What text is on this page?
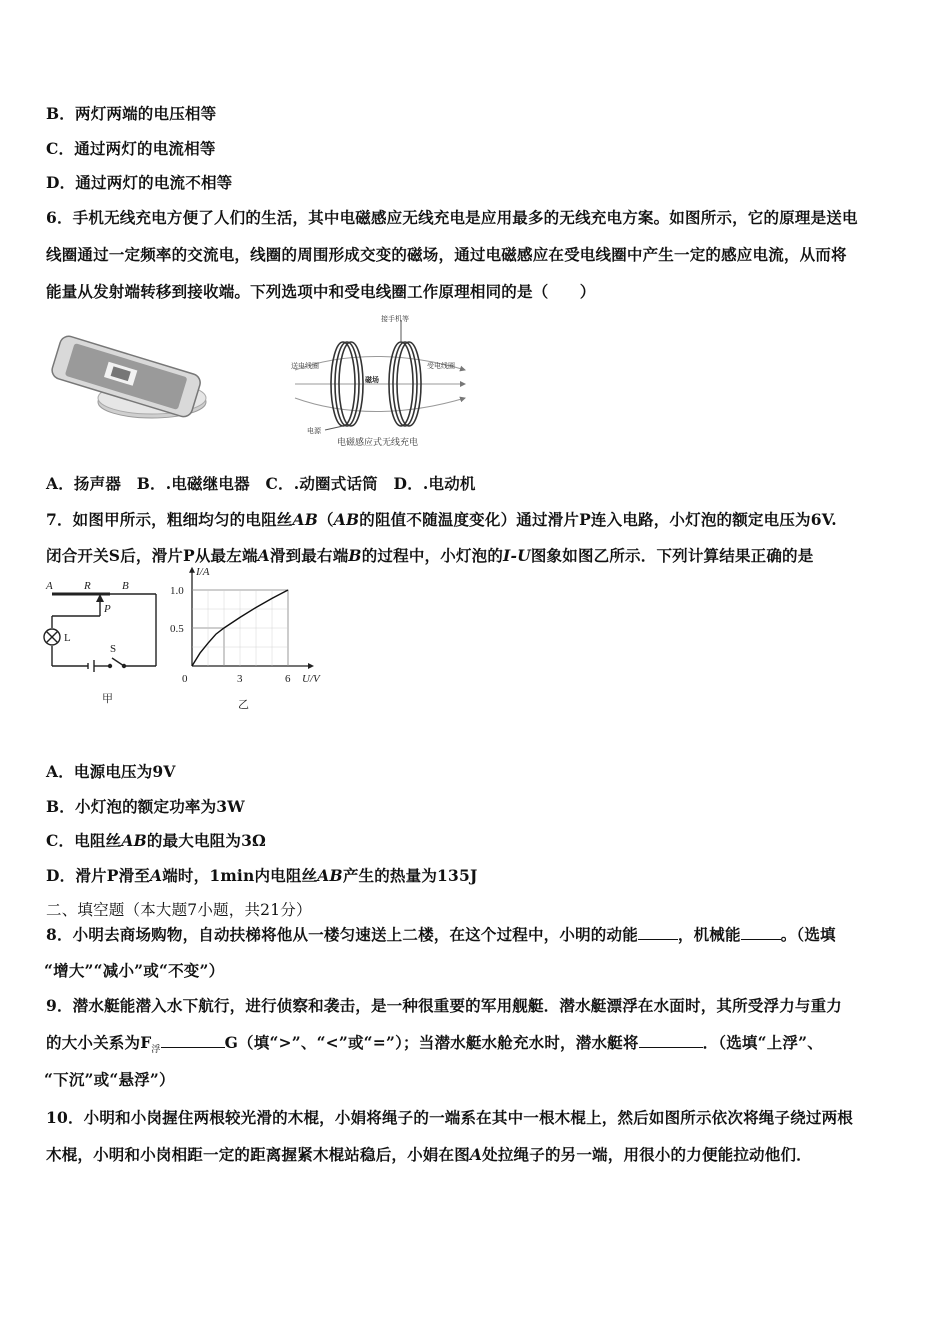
B．两灯两端的电压相等
C．通过两灯的电流相等
D．通过两灯的电流不相等
6．手机无线充电方便了人们的生活，其中电磁感应无线充电是应用最多的无线充电方案。如图所示，它的原理是送电
线圈通过一定频率的交流电，线圈的周围形成交变的磁场，通过电磁感应在受电线圈中产生一定的感应电流，从而将
能量从发射端转移到接收端。下列选项中和受电线圈工作原理相同的是（　　）
接手机等
送电线圈
磁场
受电线圈
电源
电磁感应式无线充电
A．扬声器　B．.电磁继电器　C．.动圈式话筒　D．.电动机
7．如图甲所示，粗细均匀的电阻丝AB（AB的阻值不随温度变化）通过滑片P连入电路，小灯泡的额定电压为6V.
闭合开关S后，滑片P从最左端A滑到最右端B的过程中，小灯泡的I-U图象如图乙所示．下列计算结果正确的是
A	R	B
P
L
S
甲
1.0
0.5
3	6
0
I/A
U/V
乙
A．电源电压为9V
B．小灯泡的额定功率为3W
C．电阻丝AB的最大电阻为3Ω
D．滑片P滑至A端时，1min内电阻丝AB产生的热量为135J
二、填空题（本大题7小题，共21分）
8．小明去商场购物，自动扶梯将他从一楼匀速送上二楼，在这个过程中，小明的动能	，机械能	。（选填
“增大”“减小”或“不变”）
9．潜水艇能潜入水下航行，进行侦察和袭击，是一种很重要的军用舰艇．潜水艇漂浮在水面时，其所受浮力与重力
的大小关系为$F_浮$	G（填“>”、“<”或“=”）；当潜水艇水舱充水时，潜水艇将	．（选填“上浮”、
“下沉”或“悬浮”）
10．小明和小岗握住两根较光滑的木棍，小娟将绳子的一端系在其中一根木棍上，然后如图所示依次将绳子绕过两根
木棍，小明和小岗相距一定的距离握紧木棍站稳后，小娟在图A处拉绳子的另一端，用很小的力便能拉动他们．
